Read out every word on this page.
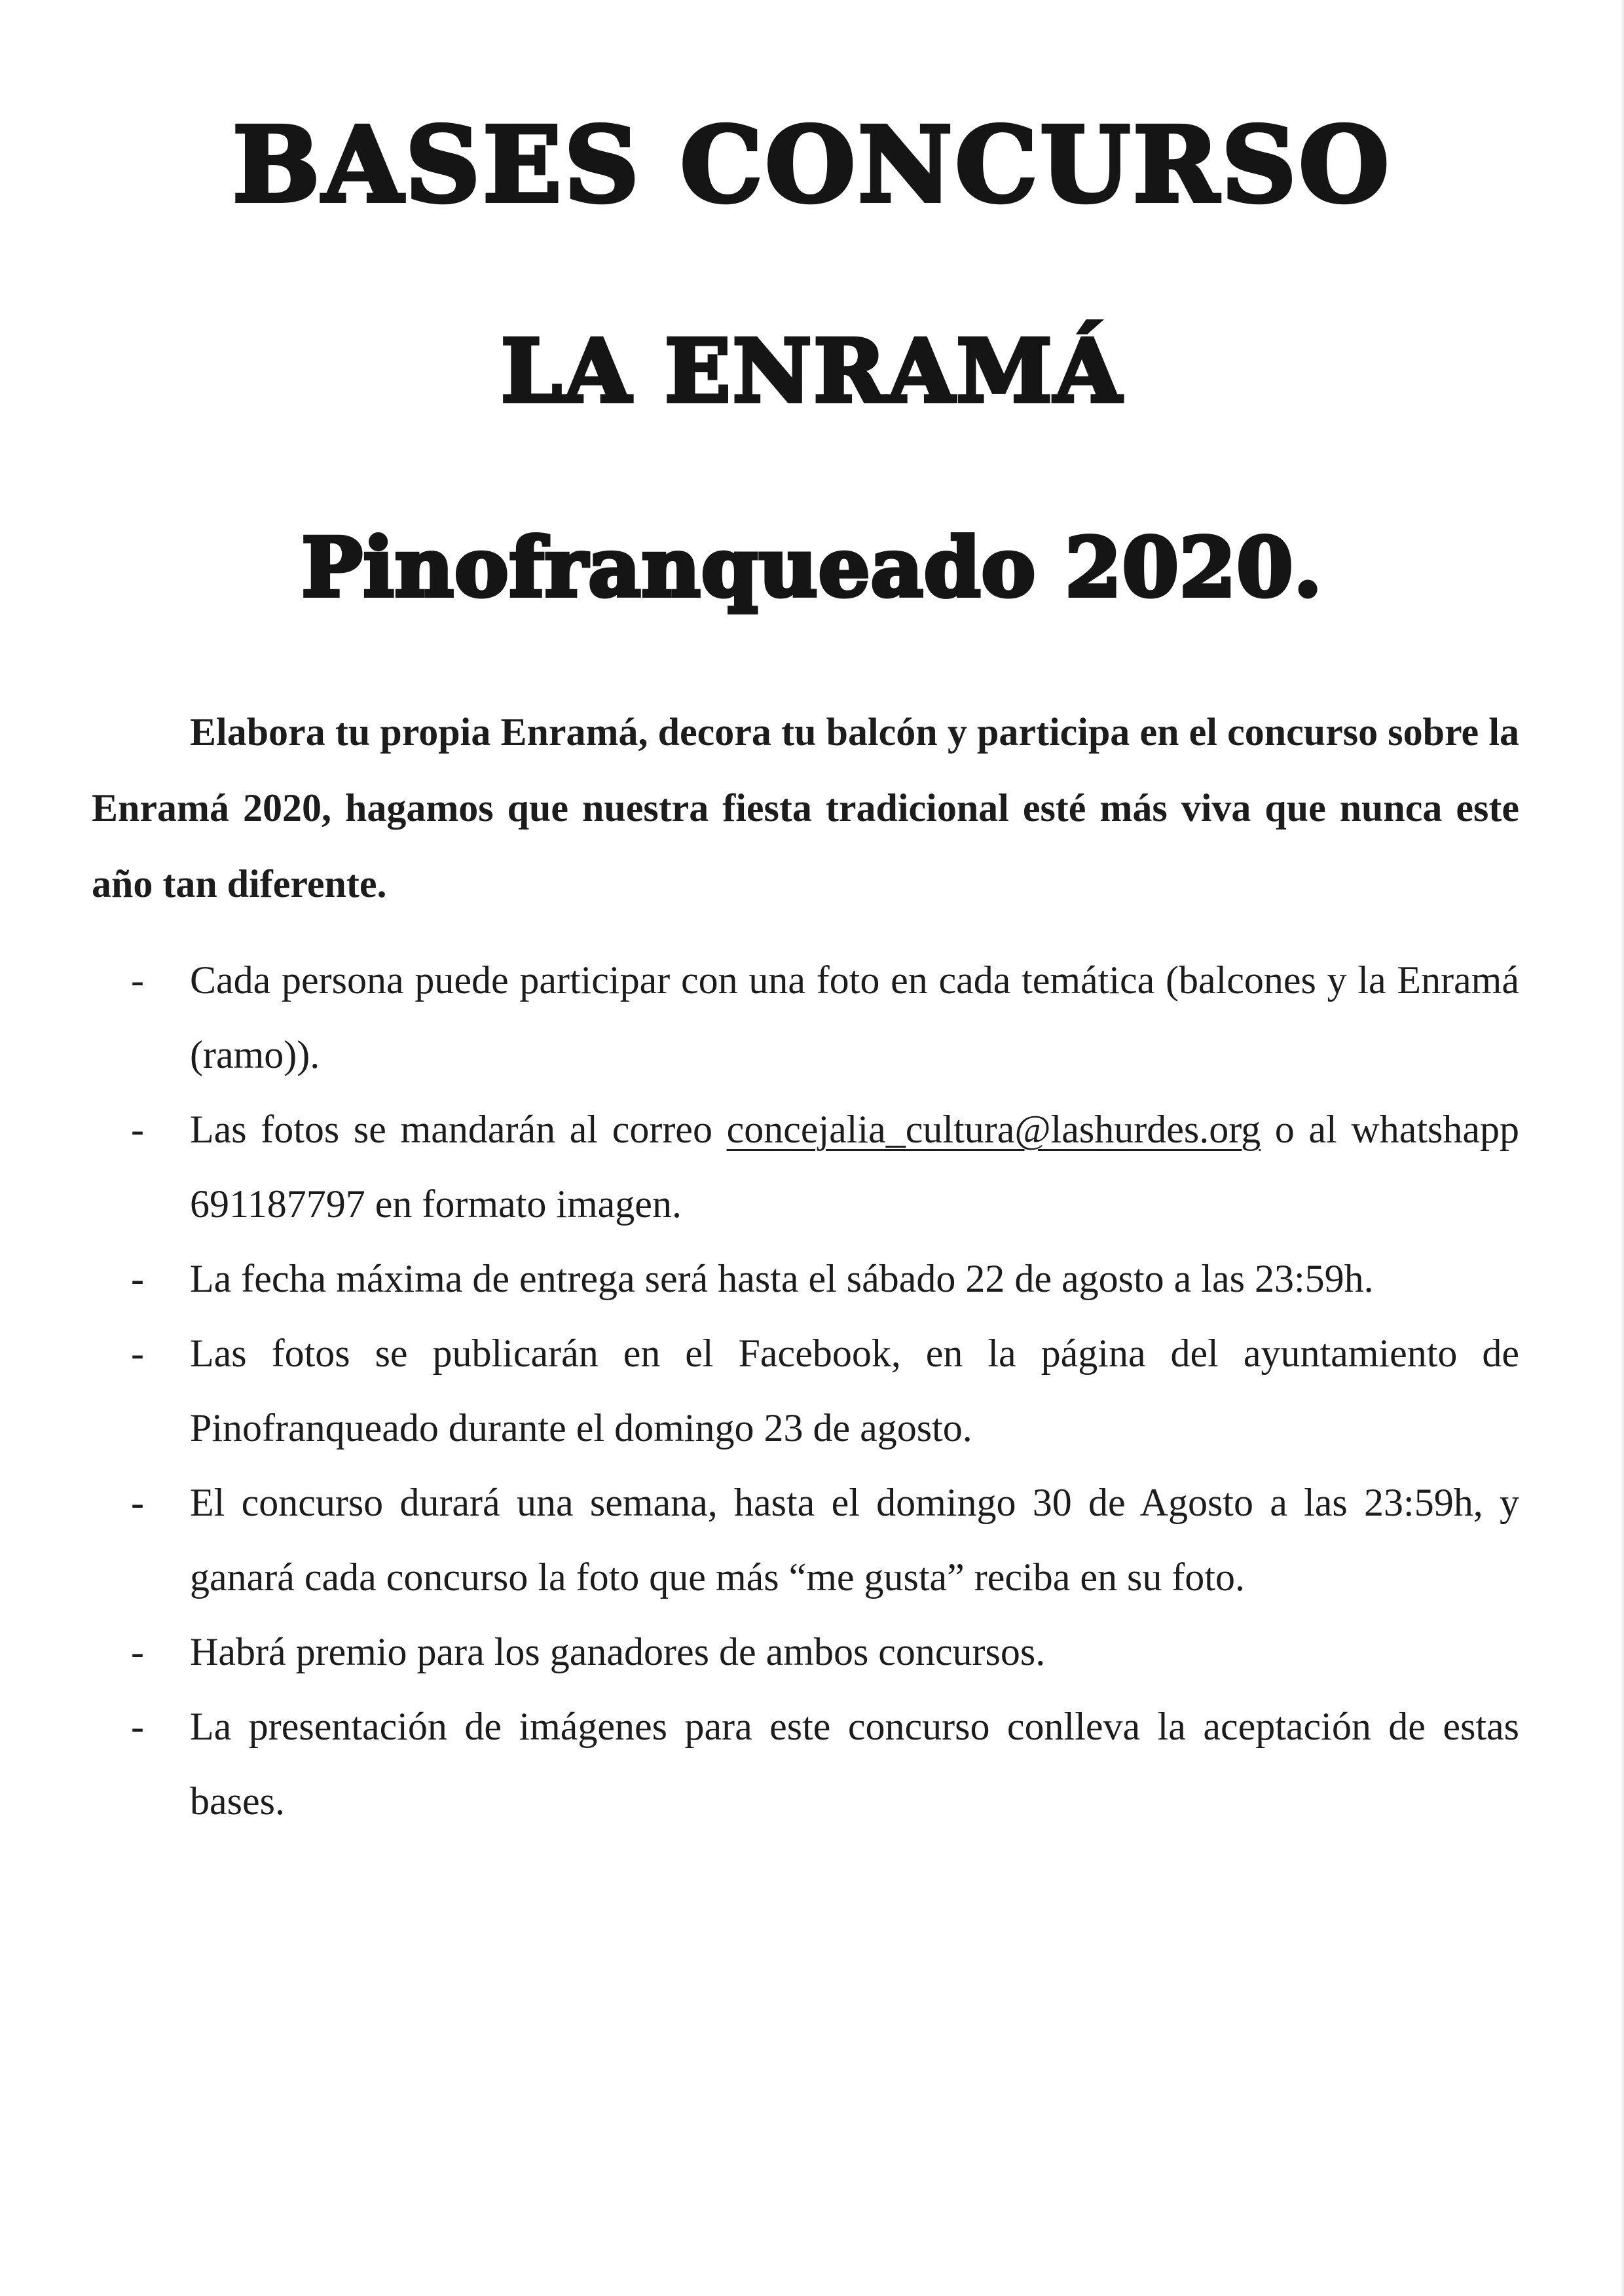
BASES CONCURSO
LA ENRAMÁ
Pinofranqueado 2020.

Elabora tu propia Enramá, decora tu balcón y participa en el concurso sobre la Enramá 2020, hagamos que nuestra fiesta tradicional esté más viva que nunca este año tan diferente.

- Cada persona puede participar con una foto en cada temática (balcones y la Enramá (ramo)).
- Las fotos se mandarán al correo concejalia_cultura@lashurdes.org o al whatshapp 691187797 en formato imagen.
- La fecha máxima de entrega será hasta el sábado 22 de agosto a las 23:59h.
- Las fotos se publicarán en el Facebook, en la página del ayuntamiento de Pinofranqueado durante el domingo 23 de agosto.
- El concurso durará una semana, hasta el domingo 30 de Agosto a las 23:59h, y ganará cada concurso la foto que más “me gusta” reciba en su foto.
- Habrá premio para los ganadores de ambos concursos.
- La presentación de imágenes para este concurso conlleva la aceptación de estas bases.
